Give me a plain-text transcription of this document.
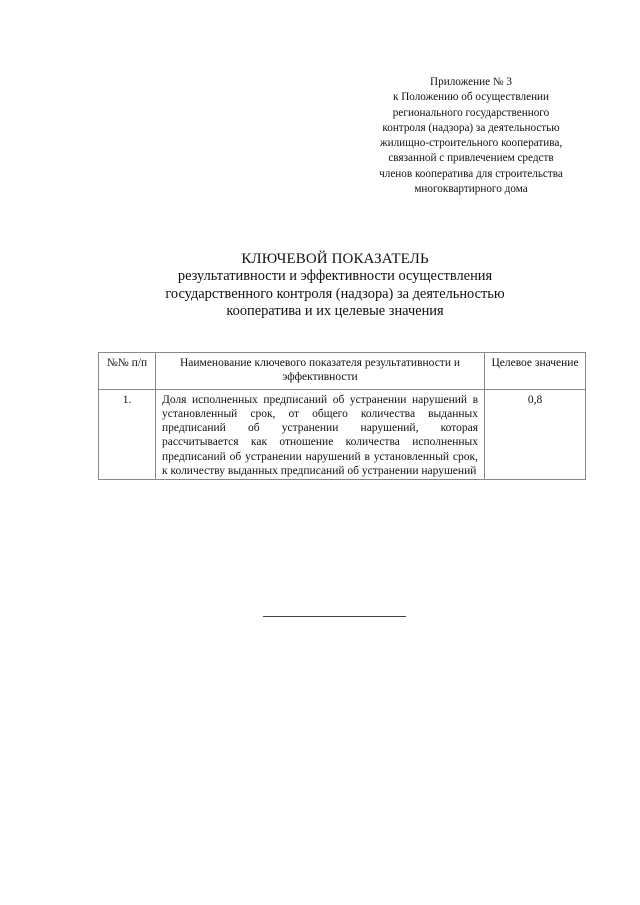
Приложение № 3
к Положению об осуществлении
регионального государственного
контроля (надзора) за деятельностью
жилищно-строительного кооператива,
связанной с привлечением средств
членов кооператива для строительства
многоквартирного дома
КЛЮЧЕВОЙ ПОКАЗАТЕЛЬ
результативности и эффективности осуществления
государственного контроля (надзора) за деятельностью
кооператива и их целевые значения
№№ п/п	Наименование ключевого показателя результативности и эффективности	Целевое значение
1.	Доля исполненных предписаний об устранении нарушений в установленный срок, от общего количества выданных предписаний об устранении нарушений, которая рассчитывается как отношение количества исполненных предписаний об устранении нарушений в установленный срок, к количеству выданных предписаний об устранении нарушений	0,8
